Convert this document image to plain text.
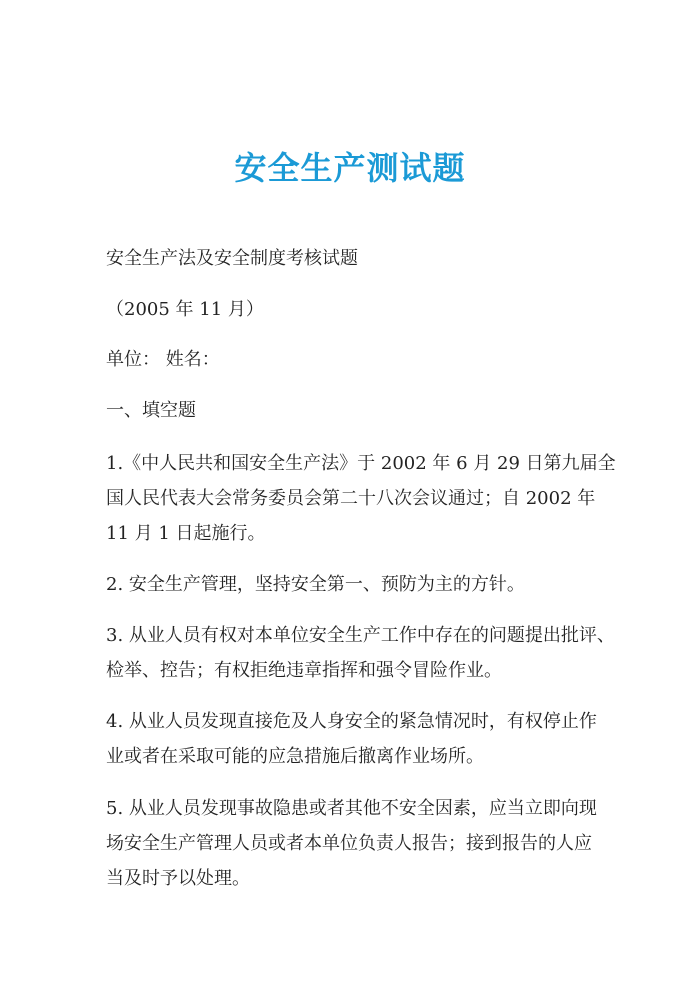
安全生产测试题

安全生产法及安全制度考核试题

（2005 年 11 月）

单位： 姓名：

一、填空题

1.《中人民共和国安全生产法》于 2002 年 6 月 29 日第九届全

国人民代表大会常务委员会第二十八次会议通过；自 2002 年

11 月 1 日起施行。

2. 安全生产管理，坚持安全第一、预防为主的方针。

3. 从业人员有权对本单位安全生产工作中存在的问题提出批评、

检举、控告；有权拒绝违章指挥和强令冒险作业。

4. 从业人员发现直接危及人身安全的紧急情况时，有权停止作

业或者在采取可能的应急措施后撤离作业场所。

5. 从业人员发现事故隐患或者其他不安全因素，应当立即向现

场安全生产管理人员或者本单位负责人报告；接到报告的人应

当及时予以处理。
